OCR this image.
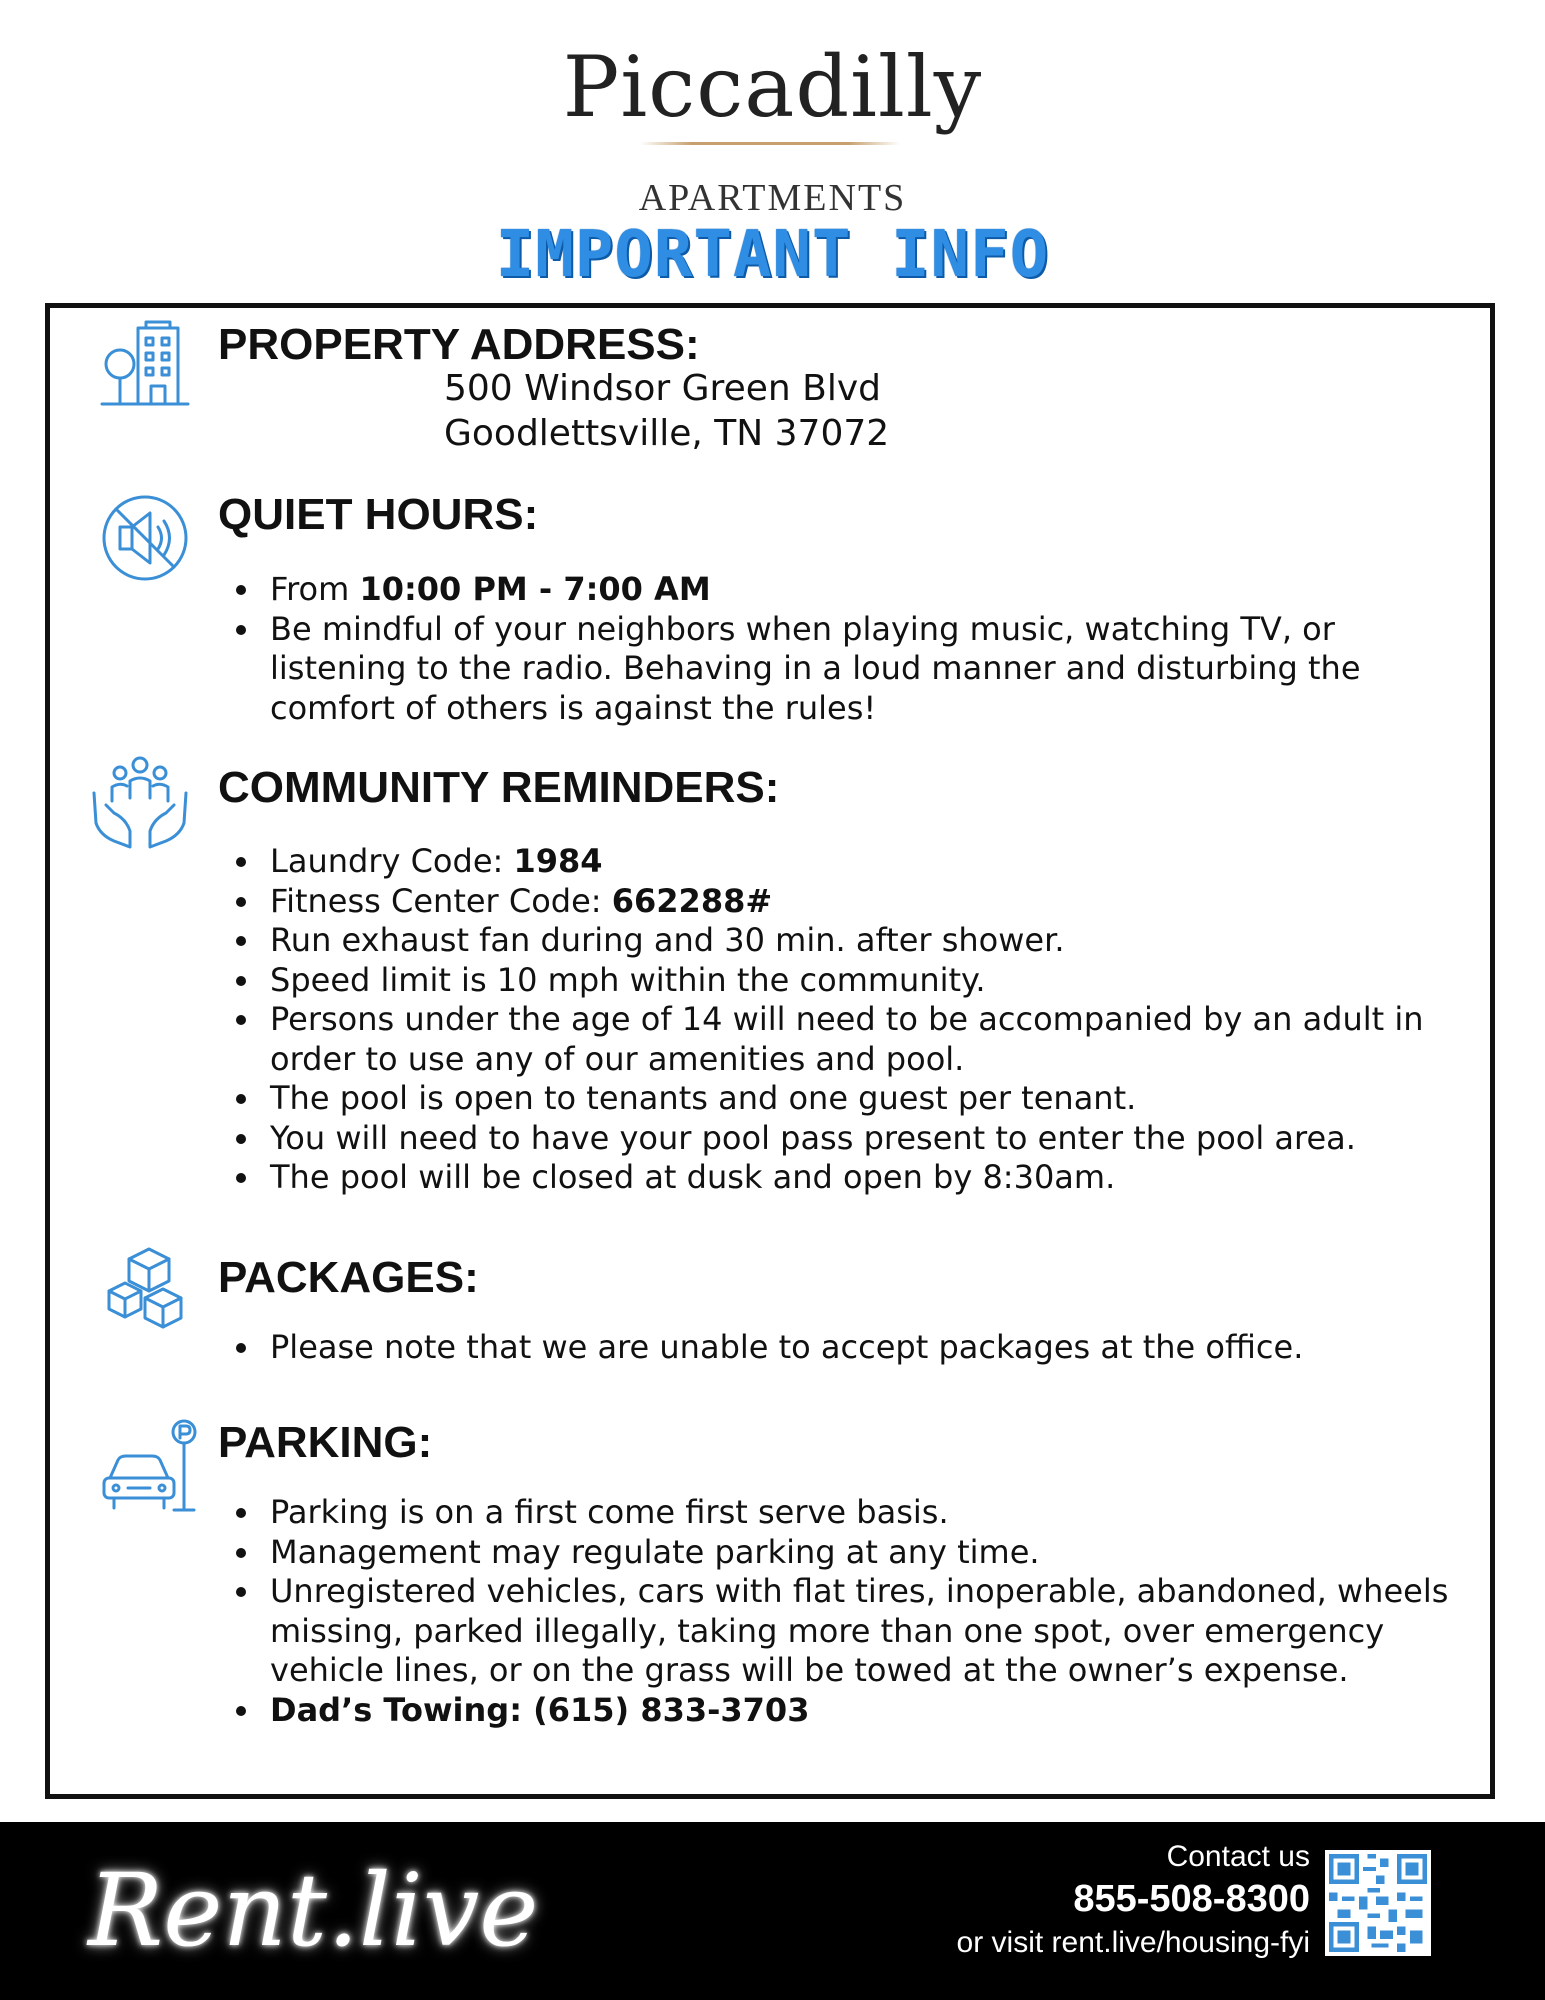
Piccadilly
APARTMENTS
IMPORTANT INFO
PROPERTY ADDRESS:
500 Windsor Green Blvd
Goodlettsville, TN 37072
QUIET HOURS:
From 10:00 PM - 7:00 AM
Be mindful of your neighbors when playing music, watching TV, or listening to the radio. Behaving in a loud manner and disturbing the comfort of others is against the rules!
COMMUNITY REMINDERS:
Laundry Code: 1984
Fitness Center Code: 662288#
Run exhaust fan during and 30 min. after shower.
Speed limit is 10 mph within the community.
Persons under the age of 14 will need to be accompanied by an adult in order to use any of our amenities and pool.
The pool is open to tenants and one guest per tenant.
You will need to have your pool pass present to enter the pool area.
The pool will be closed at dusk and open by 8:30am.
PACKAGES:
Please note that we are unable to accept packages at the office.
PARKING:
Parking is on a first come first serve basis.
Management may regulate parking at any time.
Unregistered vehicles, cars with flat tires, inoperable, abandoned, wheels missing, parked illegally, taking more than one spot, over emergency vehicle lines, or on the grass will be towed at the owner’s expense.
Dad’s Towing: (615) 833-3703
Rent.live	Contact us
855-508-8300
or visit rent.live/housing-fyi
